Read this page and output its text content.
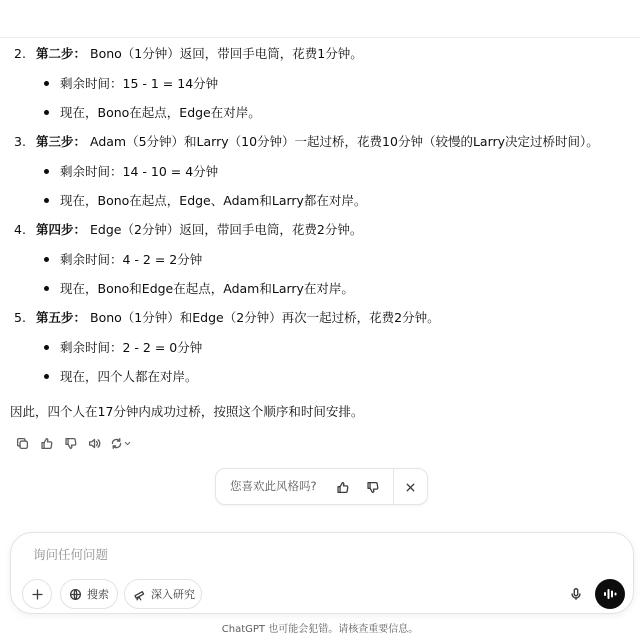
2. 第二步： Bono（1分钟）返回，带回手电筒，花费1分钟。
剩余时间：15 - 1 = 14分钟
现在，Bono在起点，Edge在对岸。
3. 第三步： Adam（5分钟）和Larry（10分钟）一起过桥，花费10分钟（较慢的Larry决定过桥时间）。
剩余时间：14 - 10 = 4分钟
现在，Bono在起点，Edge、Adam和Larry都在对岸。
4. 第四步： Edge（2分钟）返回，带回手电筒，花费2分钟。
剩余时间：4 - 2 = 2分钟
现在，Bono和Edge在起点，Adam和Larry在对岸。
5. 第五步： Bono（1分钟）和Edge（2分钟）再次一起过桥，花费2分钟。
剩余时间：2 - 2 = 0分钟
现在，四个人都在对岸。
因此，四个人在17分钟内成功过桥，按照这个顺序和时间安排。
您喜欢此风格吗?
询问任何问题
搜索	深入研究
ChatGPT 也可能会犯错。请核查重要信息。
